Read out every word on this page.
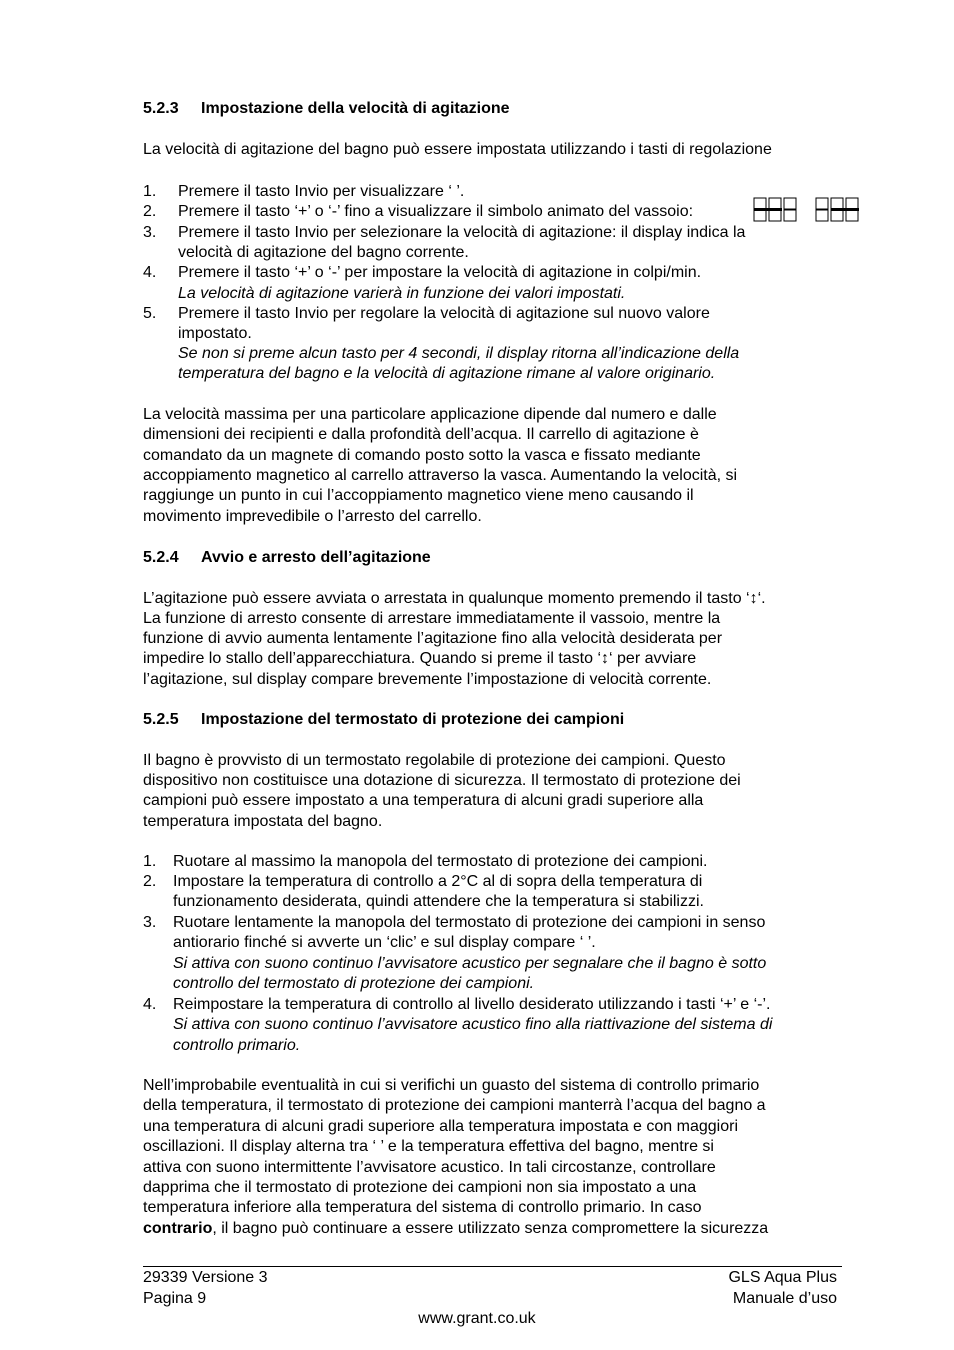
5.2.3 Impostazione della velocità di agitazione
La velocità di agitazione del bagno può essere impostata utilizzando i tasti di regolazione
1. Premere il tasto Invio per visualizzare ‘ ’.
2. Premere il tasto ‘+’ o ‘-’ fino a visualizzare il simbolo animato del vassoio:
3. Premere il tasto Invio per selezionare la velocità di agitazione: il display indica la
velocità di agitazione del bagno corrente.
4. Premere il tasto ‘+’ o ‘-’ per impostare la velocità di agitazione in colpi/min.
La velocità di agitazione varierà in funzione dei valori impostati.
5. Premere il tasto Invio per regolare la velocità di agitazione sul nuovo valore
impostato.
Se non si preme alcun tasto per 4 secondi, il display ritorna all’indicazione della
temperatura del bagno e la velocità di agitazione rimane al valore originario.
La velocità massima per una particolare applicazione dipende dal numero e dalle
dimensioni dei recipienti e dalla profondità dell’acqua. Il carrello di agitazione è
comandato da un magnete di comando posto sotto la vasca e fissato mediante
accoppiamento magnetico al carrello attraverso la vasca. Aumentando la velocità, si
raggiunge un punto in cui l’accoppiamento magnetico viene meno causando il
movimento imprevedibile o l’arresto del carrello.
5.2.4 Avvio e arresto dell’agitazione
L’agitazione può essere avviata o arrestata in qualunque momento premendo il tasto ‘↕‘.
La funzione di arresto consente di arrestare immediatamente il vassoio, mentre la
funzione di avvio aumenta lentamente l’agitazione fino alla velocità desiderata per
impedire lo stallo dell’apparecchiatura. Quando si preme il tasto ‘↕‘ per avviare
l’agitazione, sul display compare brevemente l’impostazione di velocità corrente.
5.2.5 Impostazione del termostato di protezione dei campioni
Il bagno è provvisto di un termostato regolabile di protezione dei campioni. Questo
dispositivo non costituisce una dotazione di sicurezza. Il termostato di protezione dei
campioni può essere impostato a una temperatura di alcuni gradi superiore alla
temperatura impostata del bagno.
1. Ruotare al massimo la manopola del termostato di protezione dei campioni.
2. Impostare la temperatura di controllo a 2°C al di sopra della temperatura di
funzionamento desiderata, quindi attendere che la temperatura si stabilizzi.
3. Ruotare lentamente la manopola del termostato di protezione dei campioni in senso
antiorario finché si avverte un ‘clic’ e sul display compare ‘ ’.
Si attiva con suono continuo l’avvisatore acustico per segnalare che il bagno è sotto
controllo del termostato di protezione dei campioni.
4. Reimpostare la temperatura di controllo al livello desiderato utilizzando i tasti ‘+’ e ‘-’.
Si attiva con suono continuo l’avvisatore acustico fino alla riattivazione del sistema di
controllo primario.
Nell’improbabile eventualità in cui si verifichi un guasto del sistema di controllo primario
della temperatura, il termostato di protezione dei campioni manterrà l’acqua del bagno a
una temperatura di alcuni gradi superiore alla temperatura impostata e con maggiori
oscillazioni. Il display alterna tra ‘ ’ e la temperatura effettiva del bagno, mentre si
attiva con suono intermittente l’avvisatore acustico. In tali circostanze, controllare
dapprima che il termostato di protezione dei campioni non sia impostato a una
temperatura inferiore alla temperatura del sistema di controllo primario. In caso
contrario, il bagno può continuare a essere utilizzato senza compromettere la sicurezza
29339 Versione 3
Pagina 9
GLS Aqua Plus
Manuale d’uso
www.grant.co.uk
